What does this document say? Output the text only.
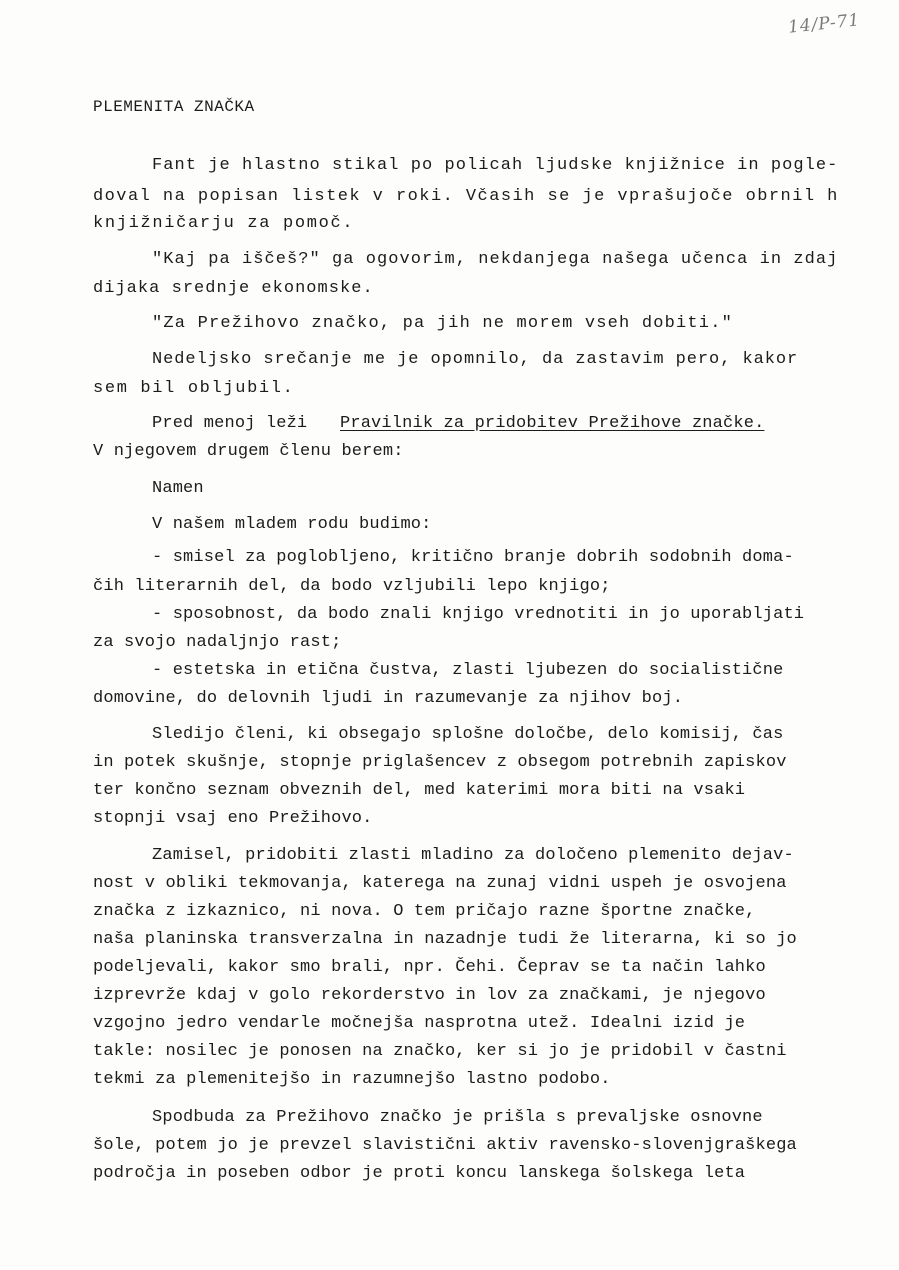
14/P-71
PLEMENITA ZNAČKA
Fant je hlastno stikal po policah ljudske knjižnice in pogle-
doval na popisan listek v roki. Včasih se je vprašujoče obrnil h
knjižničarju za pomoč.
"Kaj pa iščeš?" ga ogovorim, nekdanjega našega učenca in zdaj
dijaka srednje ekonomske.
"Za Prežihovo značko, pa jih ne morem vseh dobiti."
Nedeljsko srečanje me je opomnilo, da zastavim pero, kakor
sem bil obljubil.
Pred menoj leži Pravilnik za pridobitev Prežihove značke.
V njegovem drugem členu berem:
Namen
V našem mladem rodu budimo:
- smisel za poglobljeno, kritično branje dobrih sodobnih doma-
čih literarnih del, da bodo vzljubili lepo knjigo;
- sposobnost, da bodo znali knjigo vrednotiti in jo uporabljati
za svojo nadaljnjo rast;
- estetska in etična čustva, zlasti ljubezen do socialistične
domovine, do delovnih ljudi in razumevanje za njihov boj.
Sledijo členi, ki obsegajo splošne določbe, delo komisij, čas
in potek skušnje, stopnje priglašencev z obsegom potrebnih zapiskov
ter končno seznam obveznih del, med katerimi mora biti na vsaki
stopnji vsaj eno Prežihovo.
Zamisel, pridobiti zlasti mladino za določeno plemenito dejav-
nost v obliki tekmovanja, katerega na zunaj vidni uspeh je osvojena
značka z izkaznico, ni nova. O tem pričajo razne športne značke,
naša planinska transverzalna in nazadnje tudi že literarna, ki so jo
podeljevali, kakor smo brali, npr. Čehi. Čeprav se ta način lahko
izprevrže kdaj v golo rekorderstvo in lov za značkami, je njegovo
vzgojno jedro vendarle močnejša nasprotna utež. Idealni izid je
takle: nosilec je ponosen na značko, ker si jo je pridobil v častni
tekmi za plemenitejšo in razumnejšo lastno podobo.
Spodbuda za Prežihovo značko je prišla s prevaljske osnovne
šole, potem jo je prevzel slavistični aktiv ravensko-slovenjgraškega
področja in poseben odbor je proti koncu lanskega šolskega leta
